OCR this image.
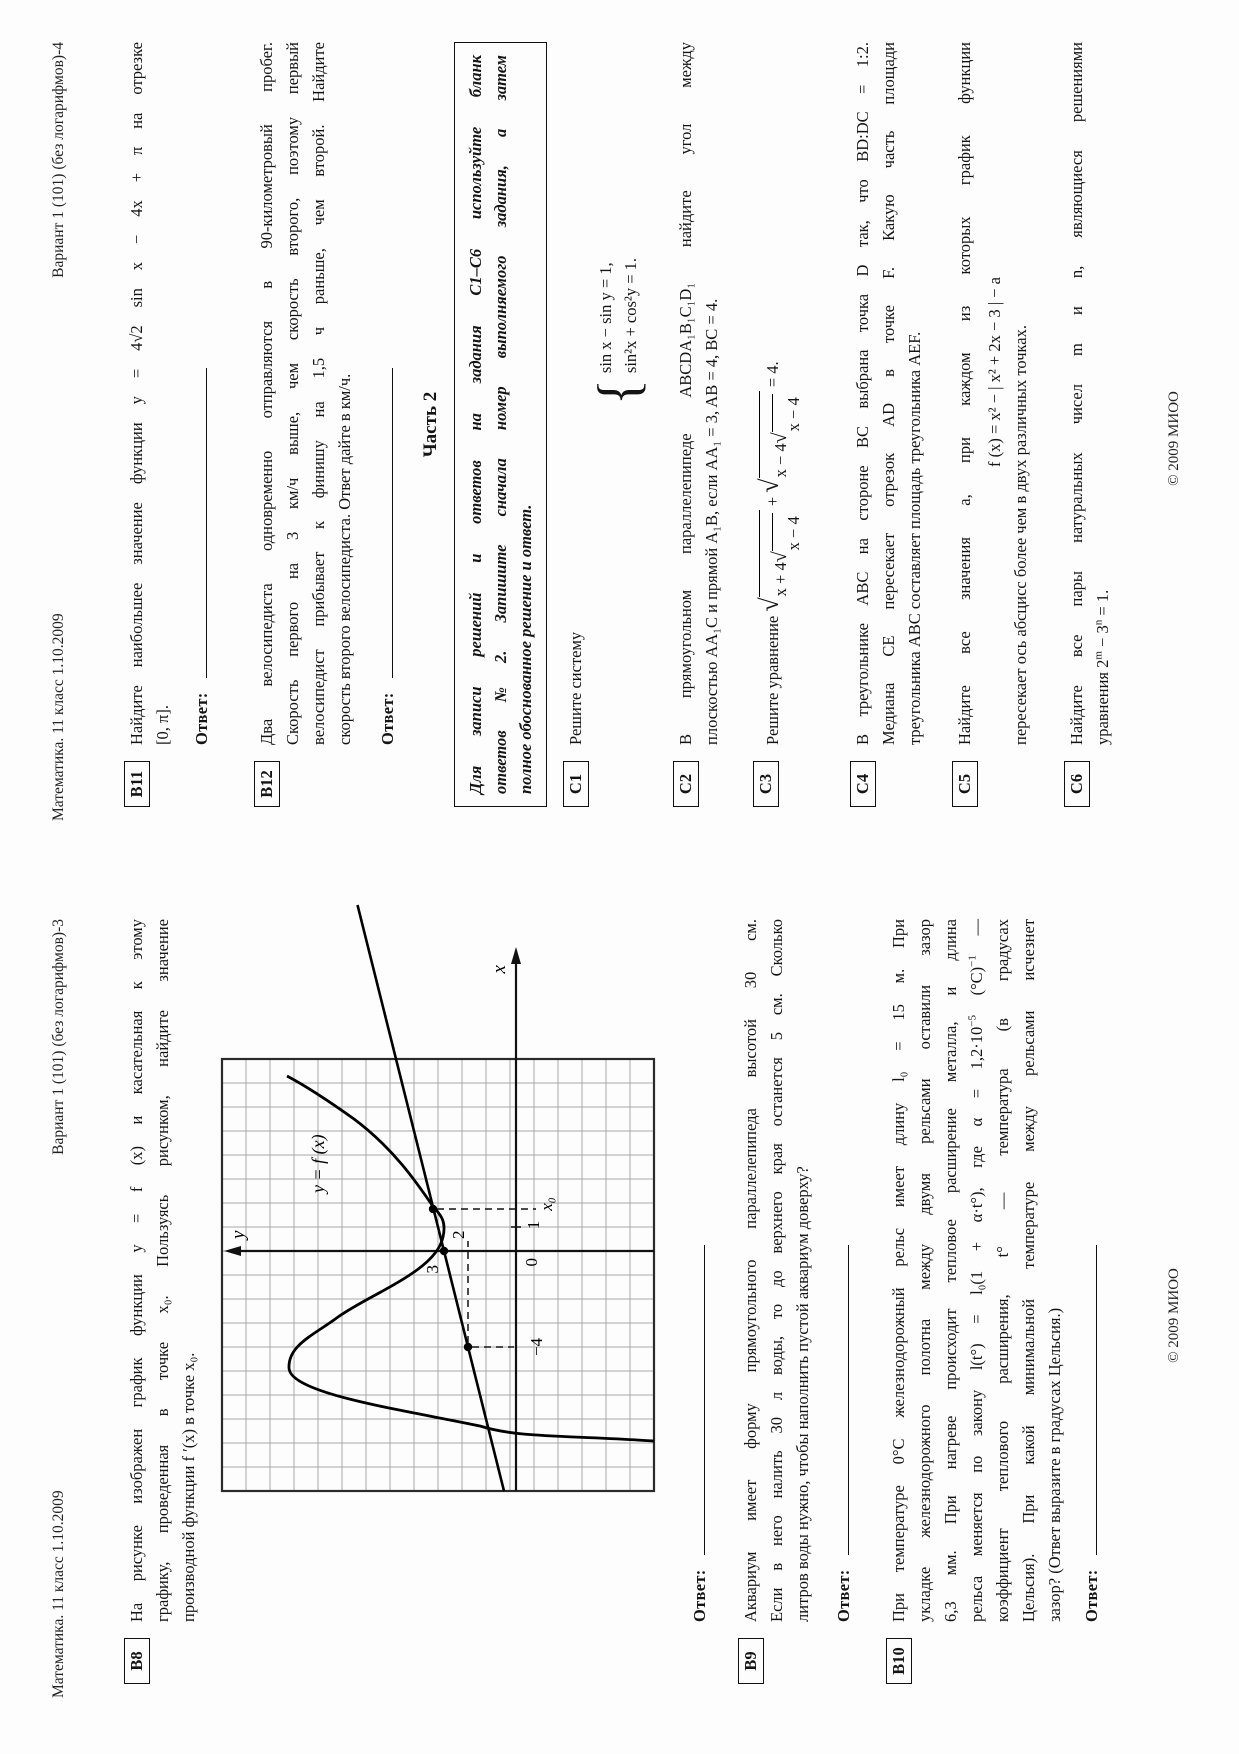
Математика. 11 класс 1.10.2009
Вариант 1 (101) (без логарифмов)-3
В8

На рисунке изображен график функции y = f (x) и касательная к этому графику, проведенная в точке x₀. Пользуясь рисунком, найдите значение производной функции f ′(x) в точке x₀.

у
х
y = f (x)
3
2
0
1
x₀
−4
Ответ:
В9

Аквариум имеет форму прямоугольного параллелепипеда высотой 30 см. Если в него налить 30 л воды, то до верхнего края останется 5 см. Сколько литров воды нужно, чтобы наполнить пустой аквариум доверху? Ответ:
В10

При температуре 0°С железнодорожный рельс имеет длину l₀ = 15 м. При укладке железнодорожного полотна между двумя рельсами оставили зазор 6,3 мм. При нагреве происходит тепловое расширение металла, и длина рельса меняется по закону l(t°) = l₀(1 + α·t°), где $\alpha = 1,2\cdot 10^{-5}$ $(^\circ С)^{-1}$ — коэффициент теплового расширения, t° — температура (в градусах Цельсия). При какой минимальной температуре между рельсами исчезнет зазор? (Ответ выразите в градусах Цельсия.) Ответ:
© 2009 МИОО
Математика. 11 класс 1.10.2009
Вариант 1 (101) (без логарифмов)-4
В11

Найдите наибольшее значение функции y = 4√2 sin x − 4x + π на отрезке [0, π]. Ответ:
В12

Два велосипедиста одновременно отправляются в 90-километровый пробег. Скорость первого на 3 км/ч выше, чем скорость второго, поэтому первый велосипедист прибывает к финишу на 1,5 ч раньше, чем второй. Найдите скорость второго велосипедиста. Ответ дайте в км/ч. Ответ:
Часть 2 Для записи решений и ответов на задания С1–С6 используйте бланк ответов №2. Запишите сначала номер выполняемого задания, а затем полное обоснованное решение и ответ. С1

Решите систему

{
sin x − sin y = 1, sin²x + cos²y = 1.
С2

В прямоугольном параллелепипеде ABCDA₁B₁C₁D₁ найдите угол между плоскостью AA₁C и прямой A₁B, если AA₁ = 3, AB = 4, BC = 4.

С3

Решите уравнение
√
x + 4
√
x − 4
+
√
x − 4
√
x − 4
= 4.

С4

В треугольнике ABC на стороне BC выбрана точка D так, что BD:DC = 1:2. Медиана CE пересекает отрезок AD в точке F. Какую часть площади треугольника ABC составляет площадь треугольника AEF.

С5

Найдите все значения a, при каждом из которых график функции f (x) = x² − | x² + 2x − 3 | − a пересекает ось абсцисс более чем в двух различных точках.

С6

Найдите все пары натуральных чисел m и n, являющиеся решениями уравнения $2^m - 3^n = 1$.

© 2009 МИОО
